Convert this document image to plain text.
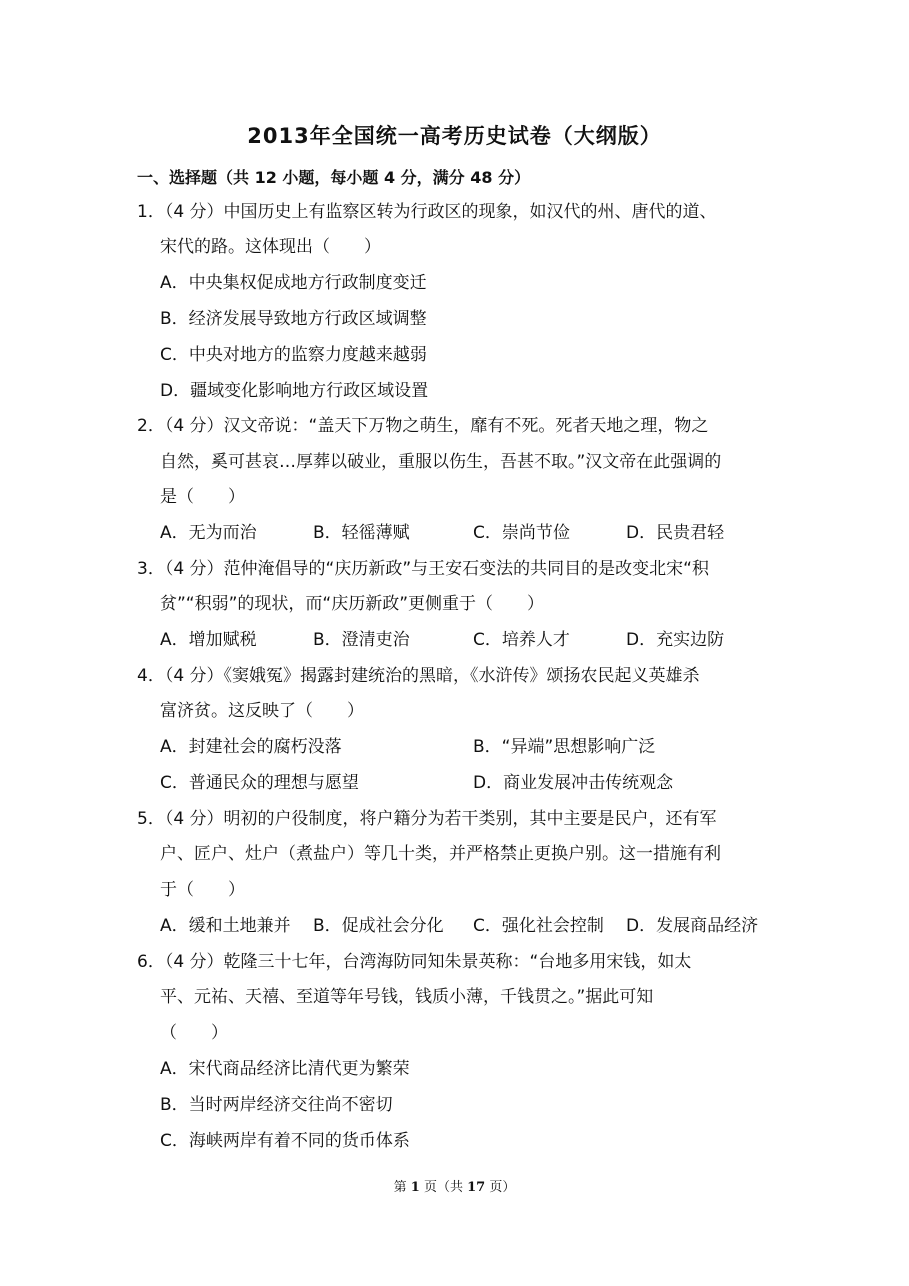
2013年全国统一高考历史试卷（大纲版）
一、选择题（共 12 小题，每小题 4 分，满分 48 分）
1．（4 分）中国历史上有监察区转为行政区的现象，如汉代的州、唐代的道、
宋代的路。这体现出（　　）
A．中央集权促成地方行政制度变迁
B．经济发展导致地方行政区域调整
C．中央对地方的监察力度越来越弱
D．疆域变化影响地方行政区域设置
2．（4 分）汉文帝说：“盖天下万物之萌生，靡有不死。死者天地之理，物之
自然，奚可甚哀…厚葬以破业，重服以伤生，吾甚不取。”汉文帝在此强调的
是（　　）
A．无为而治	B．轻徭薄赋	C．崇尚节俭	D．民贵君轻
3．（4 分）范仲淹倡导的“庆历新政”与王安石变法的共同目的是改变北宋“积
贫”“积弱”的现状，而“庆历新政”更侧重于（　　）
A．增加赋税	B．澄清吏治	C．培养人才	D．充实边防
4．（4 分）《窦娥冤》揭露封建统治的黑暗，《水浒传》颂扬农民起义英雄杀
富济贫。这反映了（　　）
A．封建社会的腐朽没落	B．“异端”思想影响广泛
C．普通民众的理想与愿望	D．商业发展冲击传统观念
5．（4 分）明初的户役制度，将户籍分为若干类别，其中主要是民户，还有军
户、匠户、灶户（煮盐户）等几十类，并严格禁止更换户别。这一措施有利
于（　　）
A．缓和土地兼并 B．促成社会分化 C．强化社会控制 D．发展商品经济
6．（4 分）乾隆三十七年，台湾海防同知朱景英称：“台地多用宋钱，如太
平、元祐、天禧、至道等年号钱，钱质小薄，千钱贯之。”据此可知
（　　）
A．宋代商品经济比清代更为繁荣
B．当时两岸经济交往尚不密切
C．海峡两岸有着不同的货币体系
第 1 页（共 17 页）
